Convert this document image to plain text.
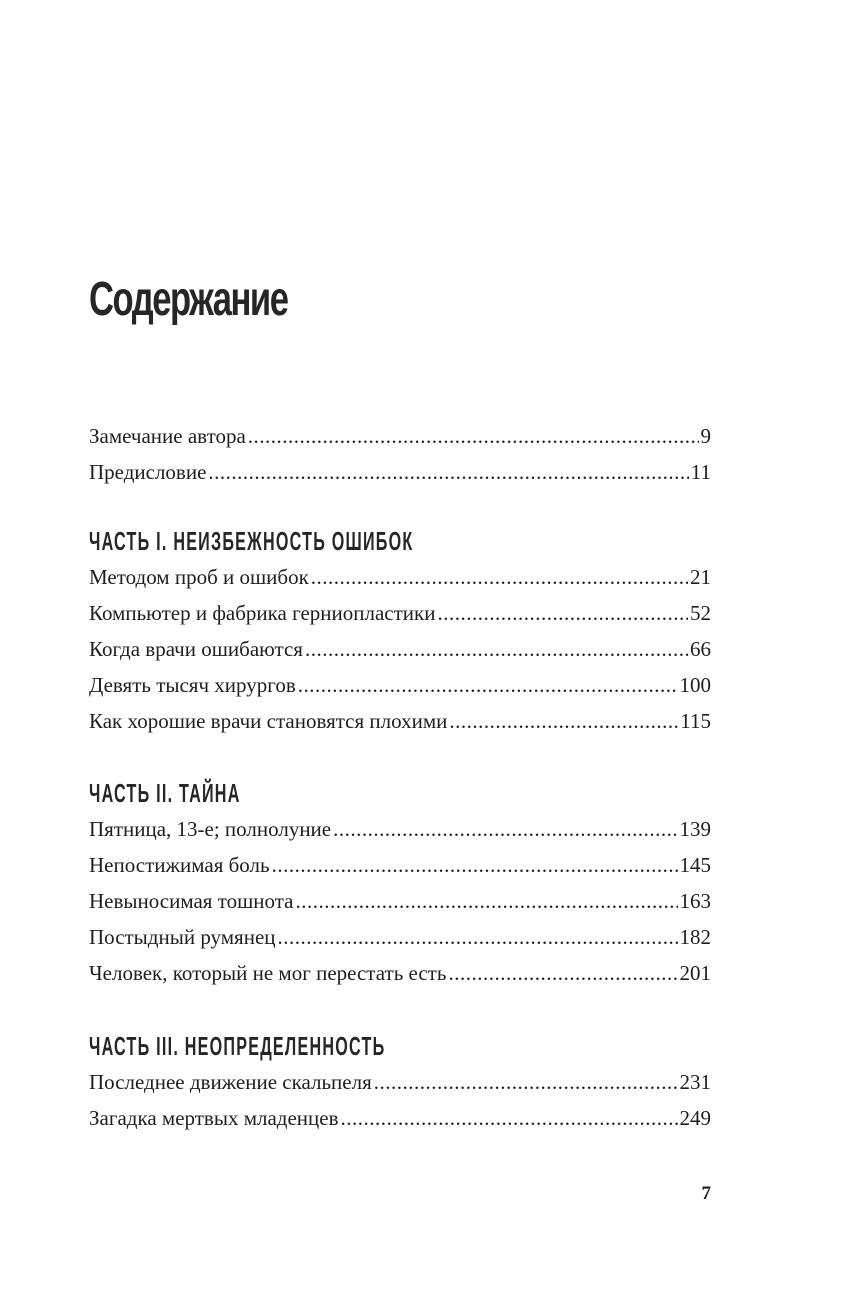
Содержание
Замечание автора .....	9
Предисловие .....	11
ЧАСТЬ I. НЕИЗБЕЖНОСТЬ ОШИБОК
Методом проб и ошибок .....	21
Компьютер и фабрика герниопластики .....	52
Когда врачи ошибаются .....	66
Девять тысяч хирургов .....	100
Как хорошие врачи становятся плохими .....	115
ЧАСТЬ II. ТАЙНА
Пятница, 13-е; полнолуние .....	139
Непостижимая боль .....	145
Невыносимая тошнота .....	163
Постыдный румянец .....	182
Человек, который не мог перестать есть .....	201
ЧАСТЬ III. НЕОПРЕДЕЛЕННОСТЬ
Последнее движение скальпеля .....	231
Загадка мертвых младенцев .....	249
7
